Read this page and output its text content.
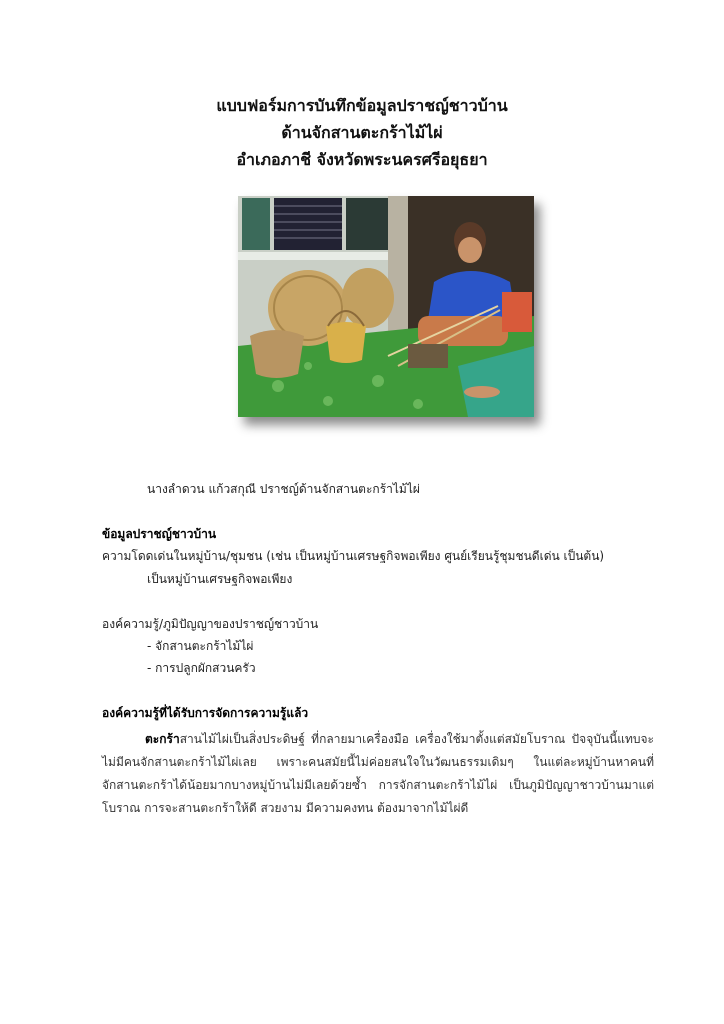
แบบฟอร์มการบันทึกข้อมูลปราชญ์ชาวบ้าน
ด้านจักสานตะกร้าไม้ไผ่
อำเภอภาชี จังหวัดพระนครศรีอยุธยา
นางลำดวน แก้วสกุณี ปราชญ์ด้านจักสานตะกร้าไม้ไผ่
ข้อมูลปราชญ์ชาวบ้าน
ความโดดเด่นในหมู่บ้าน/ชุมชน (เช่น เป็นหมู่บ้านเศรษฐกิจพอเพียง ศูนย์เรียนรู้ชุมชนดีเด่น เป็นต้น)
เป็นหมู่บ้านเศรษฐกิจพอเพียง
องค์ความรู้/ภูมิปัญญาของปราชญ์ชาวบ้าน
- จักสานตะกร้าไม้ไผ่
- การปลูกผักสวนครัว
องค์ความรู้ที่ได้รับการจัดการความรู้แล้ว
ตะกร้าสานไม้ไผ่เป็นสิ่งประดิษฐ์ ที่กลายมาเครื่องมือ เครื่องใช้มาตั้งแต่สมัยโบราณ ปัจจุบันนี้แทบจะไม่มีคนจักสานตะกร้าไม้ไผ่เลย เพราะคนสมัยนี้ไม่ค่อยสนใจในวัฒนธรรมเดิมๆ ในแต่ละหมู่บ้านหาคนที่จักสานตะกร้าได้น้อยมากบางหมู่บ้านไม่มีเลยด้วยซ้ำ การจักสานตะกร้าไม้ไผ่ เป็นภูมิปัญญาชาวบ้านมาแต่โบราณ การจะสานตะกร้าให้ดี สวยงาม มีความคงทน ต้องมาจากไม้ไผ่ดี
